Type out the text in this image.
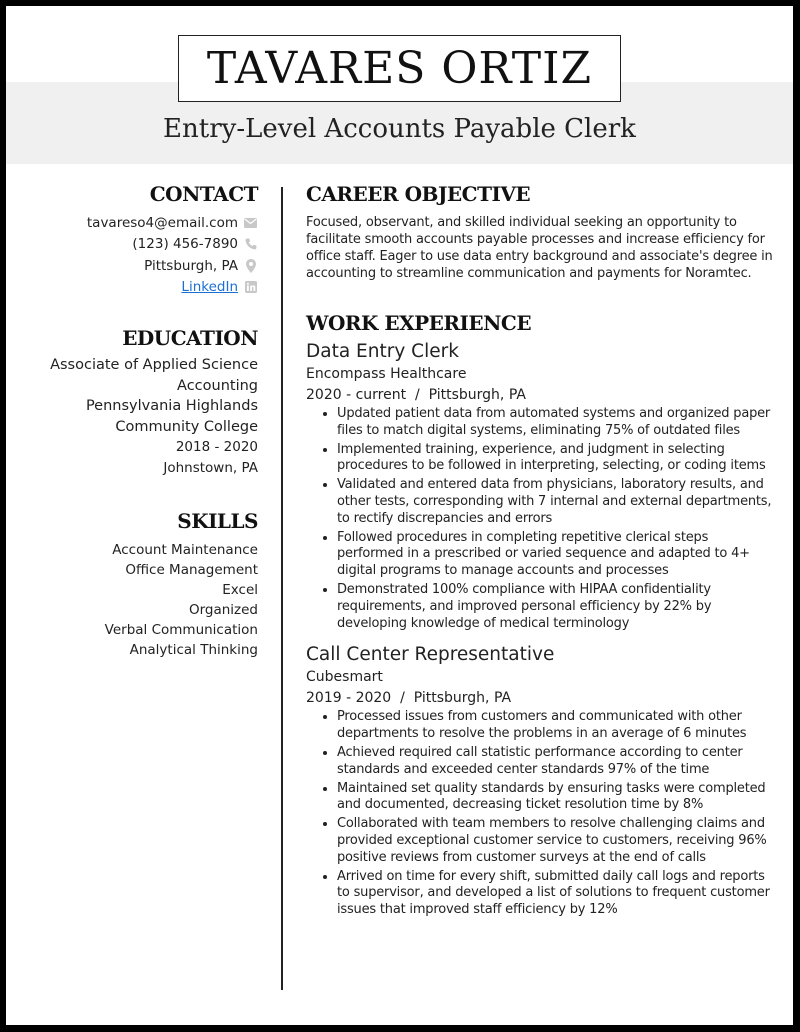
TAVARES ORTIZ
Entry-Level Accounts Payable Clerk
CONTACT
tavareso4@email.com
(123) 456-7890
Pittsburgh, PA
LinkedIn
EDUCATION
Associate of Applied Science
Accounting
Pennsylvania Highlands
Community College
2018 - 2020
Johnstown, PA
SKILLS
Account Maintenance
Office Management
Excel
Organized
Verbal Communication
Analytical Thinking
CAREER OBJECTIVE
Focused, observant, and skilled individual seeking an opportunity to facilitate smooth accounts payable processes and increase efficiency for office staff. Eager to use data entry background and associate's degree in accounting to streamline communication and payments for Noramtec.
WORK EXPERIENCE
Data Entry Clerk
Encompass Healthcare
2020 - current  /  Pittsburgh, PA
• Updated patient data from automated systems and organized paper files to match digital systems, eliminating 75% of outdated files
• Implemented training, experience, and judgment in selecting procedures to be followed in interpreting, selecting, or coding items
• Validated and entered data from physicians, laboratory results, and other tests, corresponding with 7 internal and external departments, to rectify discrepancies and errors
• Followed procedures in completing repetitive clerical steps performed in a prescribed or varied sequence and adapted to 4+ digital programs to manage accounts and processes
• Demonstrated 100% compliance with HIPAA confidentiality requirements, and improved personal efficiency by 22% by developing knowledge of medical terminology
Call Center Representative
Cubesmart
2019 - 2020  /  Pittsburgh, PA
• Processed issues from customers and communicated with other departments to resolve the problems in an average of 6 minutes
• Achieved required call statistic performance according to center standards and exceeded center standards 97% of the time
• Maintained set quality standards by ensuring tasks were completed and documented, decreasing ticket resolution time by 8%
• Collaborated with team members to resolve challenging claims and provided exceptional customer service to customers, receiving 96% positive reviews from customer surveys at the end of calls
• Arrived on time for every shift, submitted daily call logs and reports to supervisor, and developed a list of solutions to frequent customer issues that improved staff efficiency by 12%
